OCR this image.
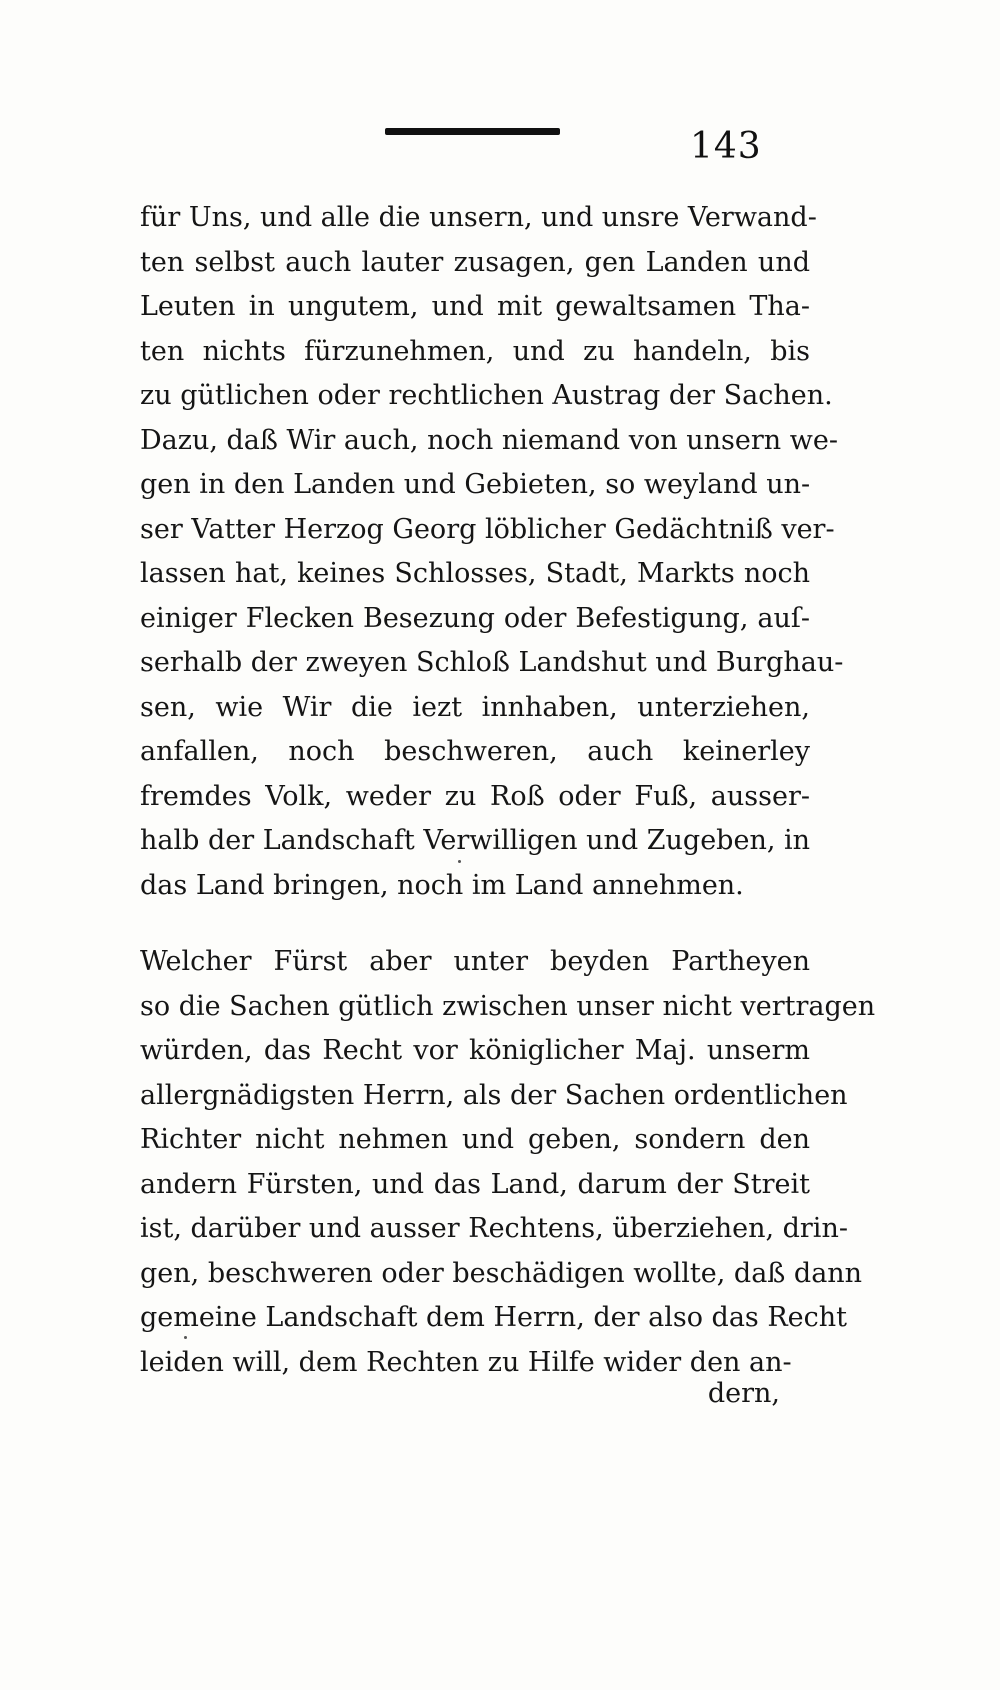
143
für Uns, und alle die unsern, und unsre Verwand-
ten selbst auch lauter zusagen, gen Landen und
Leuten in ungutem, und mit gewaltsamen Tha-
ten nichts fürzunehmen, und zu handeln, bis
zu gütlichen oder rechtlichen Austrag der Sachen.
Dazu, daß Wir auch, noch niemand von unsern we-
gen in den Landen und Gebieten, so weyland un-
ser Vatter Herzog Georg löblicher Gedächtniß ver-
lassen hat, keines Schlosses, Stadt, Markts noch
einiger Flecken Besezung oder Befestigung, auſ-
serhalb der zweyen Schloß Landshut und Burghau-
sen, wie Wir die iezt innhaben, unterziehen,
anfallen, noch beschweren, auch keinerley
fremdes Volk, weder zu Roß oder Fuß, ausser-
halb der Landschaft Verwilligen und Zugeben, in
das Land bringen, noch im Land annehmen.
Welcher Fürst aber unter beyden Partheyen
so die Sachen gütlich zwischen unser nicht vertragen
würden, das Recht vor königlicher Maj. unserm
allergnädigsten Herrn, als der Sachen ordentlichen
Richter nicht nehmen und geben, sondern den
andern Fürsten, und das Land, darum der Streit
ist, darüber und ausser Rechtens, überziehen, drin-
gen, beschweren oder beschädigen wollte, daß dann
gemeine Landschaft dem Herrn, der also das Recht
leiden will, dem Rechten zu Hilfe wider den an-
dern,
